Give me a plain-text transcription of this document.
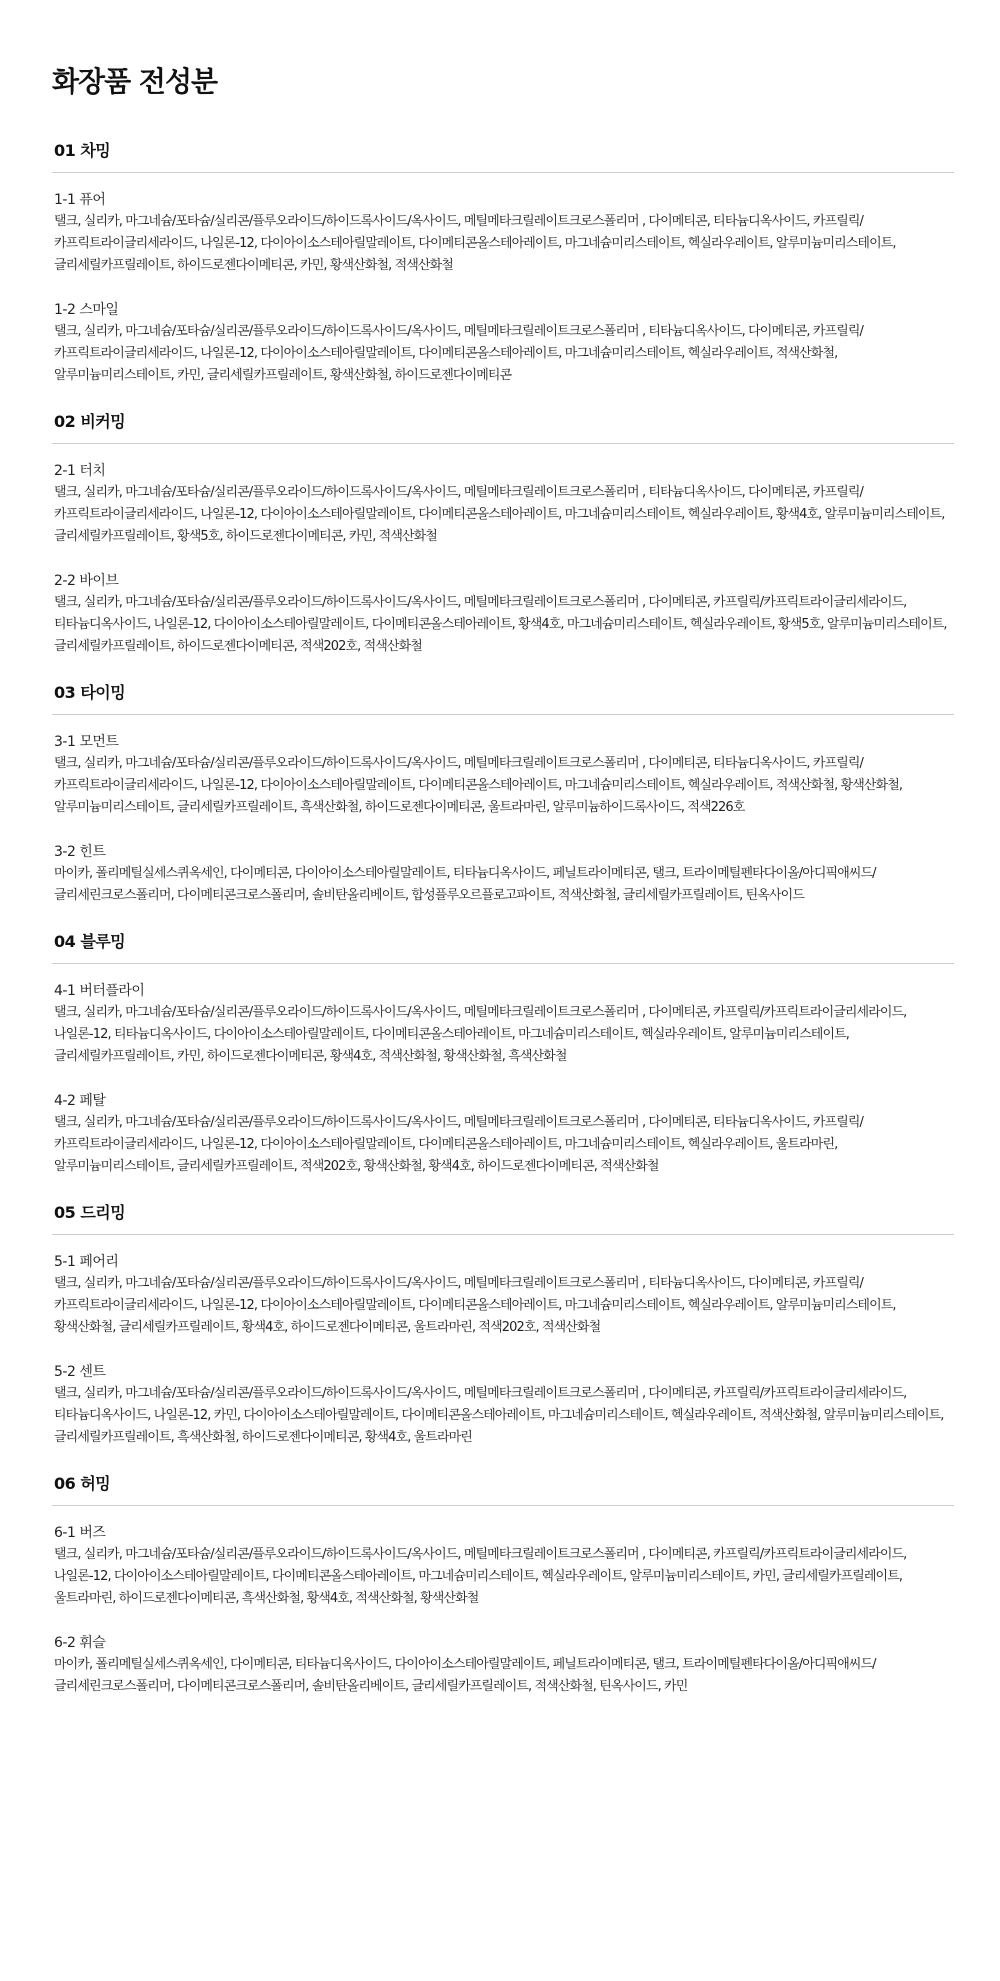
화장품 전성분
01 차밍
1-1 퓨어
탤크, 실리카, 마그네슘/포타슘/실리콘/플루오라이드/하이드록사이드/옥사이드, 메틸메타크릴레이트크로스폴리머 , 다이메티콘, 티타늄디옥사이드, 카프릴릭/카프릭트라이글리세라이드, 나일론-12, 다이아이소스테아릴말레이트, 다이메티콘올스테아레이트, 마그네슘미리스테이트, 헥실라우레이트, 알루미늄미리스테이트, 글리세릴카프릴레이트, 하이드로젠다이메티콘, 카민, 황색산화철, 적색산화철
1-2 스마일
탤크, 실리카, 마그네슘/포타슘/실리콘/플루오라이드/하이드록사이드/옥사이드, 메틸메타크릴레이트크로스폴리머 , 티타늄디옥사이드, 다이메티콘, 카프릴릭/카프릭트라이글리세라이드, 나일론-12, 다이아이소스테아릴말레이트, 다이메티콘올스테아레이트, 마그네슘미리스테이트, 헥실라우레이트, 적색산화철, 알루미늄미리스테이트, 카민, 글리세릴카프릴레이트, 황색산화철, 하이드로젠다이메티콘
02 비커밍
2-1 터치
탤크, 실리카, 마그네슘/포타슘/실리콘/플루오라이드/하이드록사이드/옥사이드, 메틸메타크릴레이트크로스폴리머 , 티타늄디옥사이드, 다이메티콘, 카프릴릭/카프릭트라이글리세라이드, 나일론-12, 다이아이소스테아릴말레이트, 다이메티콘올스테아레이트, 마그네슘미리스테이트, 헥실라우레이트, 황색4호, 알루미늄미리스테이트, 글리세릴카프릴레이트, 황색5호, 하이드로젠다이메티콘, 카민, 적색산화철
2-2 바이브
탤크, 실리카, 마그네슘/포타슘/실리콘/플루오라이드/하이드록사이드/옥사이드, 메틸메타크릴레이트크로스폴리머 , 다이메티콘, 카프릴릭/카프릭트라이글리세라이드, 티타늄디옥사이드, 나일론-12, 다이아이소스테아릴말레이트, 다이메티콘올스테아레이트, 황색4호, 마그네슘미리스테이트, 헥실라우레이트, 황색5호, 알루미늄미리스테이트, 글리세릴카프릴레이트, 하이드로젠다이메티콘, 적색202호, 적색산화철
03 타이밍
3-1 모먼트
탤크, 실리카, 마그네슘/포타슘/실리콘/플루오라이드/하이드록사이드/옥사이드, 메틸메타크릴레이트크로스폴리머 , 다이메티콘, 티타늄디옥사이드, 카프릴릭/카프릭트라이글리세라이드, 나일론-12, 다이아이소스테아릴말레이트, 다이메티콘올스테아레이트, 마그네슘미리스테이트, 헥실라우레이트, 적색산화철, 황색산화철, 알루미늄미리스테이트, 글리세릴카프릴레이트, 흑색산화철, 하이드로젠다이메티콘, 울트라마린, 알루미늄하이드록사이드, 적색226호
3-2 힌트
마이카, 폴리메틸실세스퀴옥세인, 다이메티콘, 다이아이소스테아릴말레이트, 티타늄디옥사이드, 페닐트라이메티콘, 탤크, 트라이메틸펜타다이올/아디픽애씨드/글리세린크로스폴리머, 다이메티콘크로스폴리머, 솔비탄올리베이트, 합성플루오르플로고파이트, 적색산화철, 글리세릴카프릴레이트, 틴옥사이드
04 블루밍
4-1 버터플라이
탤크, 실리카, 마그네슘/포타슘/실리콘/플루오라이드/하이드록사이드/옥사이드, 메틸메타크릴레이트크로스폴리머 , 다이메티콘, 카프릴릭/카프릭트라이글리세라이드, 나일론-12, 티타늄디옥사이드, 다이아이소스테아릴말레이트, 다이메티콘올스테아레이트, 마그네슘미리스테이트, 헥실라우레이트, 알루미늄미리스테이트, 글리세릴카프릴레이트, 카민, 하이드로젠다이메티콘, 황색4호, 적색산화철, 황색산화철, 흑색산화철
4-2 페탈
탤크, 실리카, 마그네슘/포타슘/실리콘/플루오라이드/하이드록사이드/옥사이드, 메틸메타크릴레이트크로스폴리머 , 다이메티콘, 티타늄디옥사이드, 카프릴릭/카프릭트라이글리세라이드, 나일론-12, 다이아이소스테아릴말레이트, 다이메티콘올스테아레이트, 마그네슘미리스테이트, 헥실라우레이트, 울트라마린, 알루미늄미리스테이트, 글리세릴카프릴레이트, 적색202호, 황색산화철, 황색4호, 하이드로젠다이메티콘, 적색산화철
05 드리밍
5-1 페어리
탤크, 실리카, 마그네슘/포타슘/실리콘/플루오라이드/하이드록사이드/옥사이드, 메틸메타크릴레이트크로스폴리머 , 티타늄디옥사이드, 다이메티콘, 카프릴릭/카프릭트라이글리세라이드, 나일론-12, 다이아이소스테아릴말레이트, 다이메티콘올스테아레이트, 마그네슘미리스테이트, 헥실라우레이트, 알루미늄미리스테이트, 황색산화철, 글리세릴카프릴레이트, 황색4호, 하이드로젠다이메티콘, 울트라마린, 적색202호, 적색산화철
5-2 센트
탤크, 실리카, 마그네슘/포타슘/실리콘/플루오라이드/하이드록사이드/옥사이드, 메틸메타크릴레이트크로스폴리머 , 다이메티콘, 카프릴릭/카프릭트라이글리세라이드, 티타늄디옥사이드, 나일론-12, 카민, 다이아이소스테아릴말레이트, 다이메티콘올스테아레이트, 마그네슘미리스테이트, 헥실라우레이트, 적색산화철, 알루미늄미리스테이트, 글리세릴카프릴레이트, 흑색산화철, 하이드로젠다이메티콘, 황색4호, 울트라마린
06 허밍
6-1 버즈
탤크, 실리카, 마그네슘/포타슘/실리콘/플루오라이드/하이드록사이드/옥사이드, 메틸메타크릴레이트크로스폴리머 , 다이메티콘, 카프릴릭/카프릭트라이글리세라이드, 나일론-12, 다이아이소스테아릴말레이트, 다이메티콘올스테아레이트, 마그네슘미리스테이트, 헥실라우레이트, 알루미늄미리스테이트, 카민, 글리세릴카프릴레이트, 울트라마린, 하이드로젠다이메티콘, 흑색산화철, 황색4호, 적색산화철, 황색산화철
6-2 휘슬
마이카, 폴리메틸실세스퀴옥세인, 다이메티콘, 티타늄디옥사이드, 다이아이소스테아릴말레이트, 페닐트라이메티콘, 탤크, 트라이메틸펜타다이올/아디픽애씨드/글리세린크로스폴리머, 다이메티콘크로스폴리머, 솔비탄올리베이트, 글리세릴카프릴레이트, 적색산화철, 틴옥사이드, 카민
